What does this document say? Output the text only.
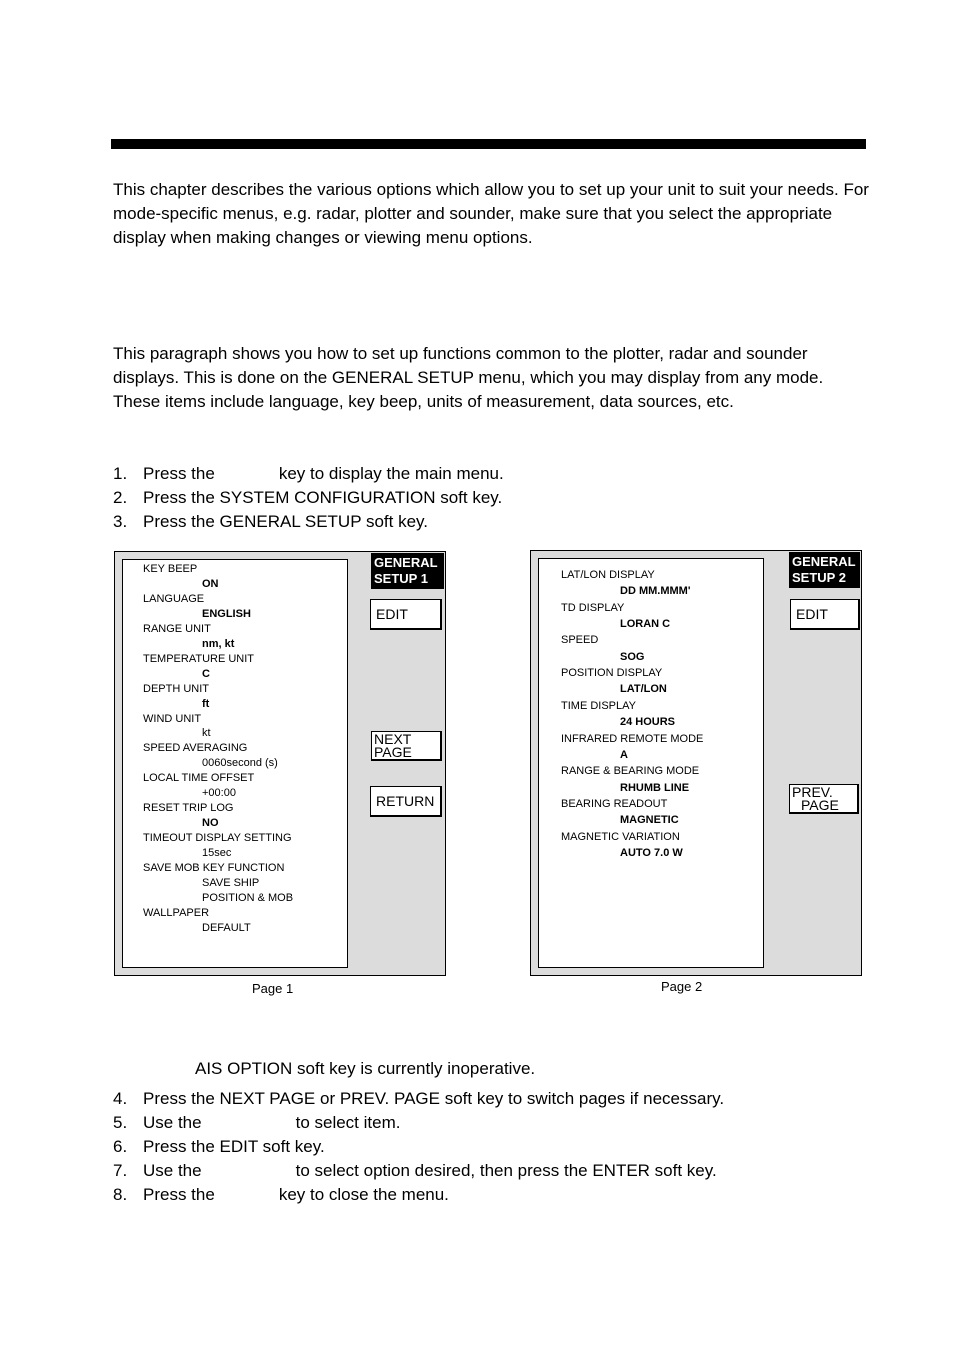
This chapter describes the various options which allow you to set up your unit to suit your needs. For mode-specific menus, e.g. radar, plotter and sounder, make sure that you select the appropriate display when making changes or viewing menu options.
This paragraph shows you how to set up functions common to the plotter, radar and sounder displays. This is done on the GENERAL SETUP menu, which you may display from any mode. These items include language, key beep, units of measurement, data sources, etc.
1. Press the	key to display the main menu.
2. Press the SYSTEM CONFIGURATION soft key.
3. Press the GENERAL SETUP soft key.
GENERAL
SETUP 1
EDIT
NEXT
PAGE
RETURN
KEY BEEP
ON
LANGUAGE
ENGLISH
RANGE UNIT
nm, kt
TEMPERATURE UNIT
C
DEPTH UNIT
ft
WIND UNIT
kt
SPEED AVERAGING
0060second (s)
LOCAL TIME OFFSET
+00:00
RESET TRIP LOG
NO
TIMEOUT DISPLAY SETTING
15sec
SAVE MOB KEY FUNCTION
SAVE SHIP
POSITION & MOB
WALLPAPER
DEFAULT
Page 1
GENERAL
SETUP 2
EDIT
PREV.
PAGE
LAT/LON DISPLAY
DD MM.MMM'
TD DISPLAY
LORAN C
SPEED
SOG
POSITION DISPLAY
LAT/LON
TIME DISPLAY
24 HOURS
INFRARED REMOTE MODE
A
RANGE & BEARING MODE
RHUMB LINE
BEARING READOUT
MAGNETIC
MAGNETIC VARIATION
AUTO 7.0 W
Page 2
AIS OPTION soft key is currently inoperative.
4. Press the NEXT PAGE or PREV. PAGE soft key to switch pages if necessary.
5. Use the	to select item.
6. Press the EDIT soft key.
7. Use the	to select option desired, then press the ENTER soft key.
8. Press the	key to close the menu.
